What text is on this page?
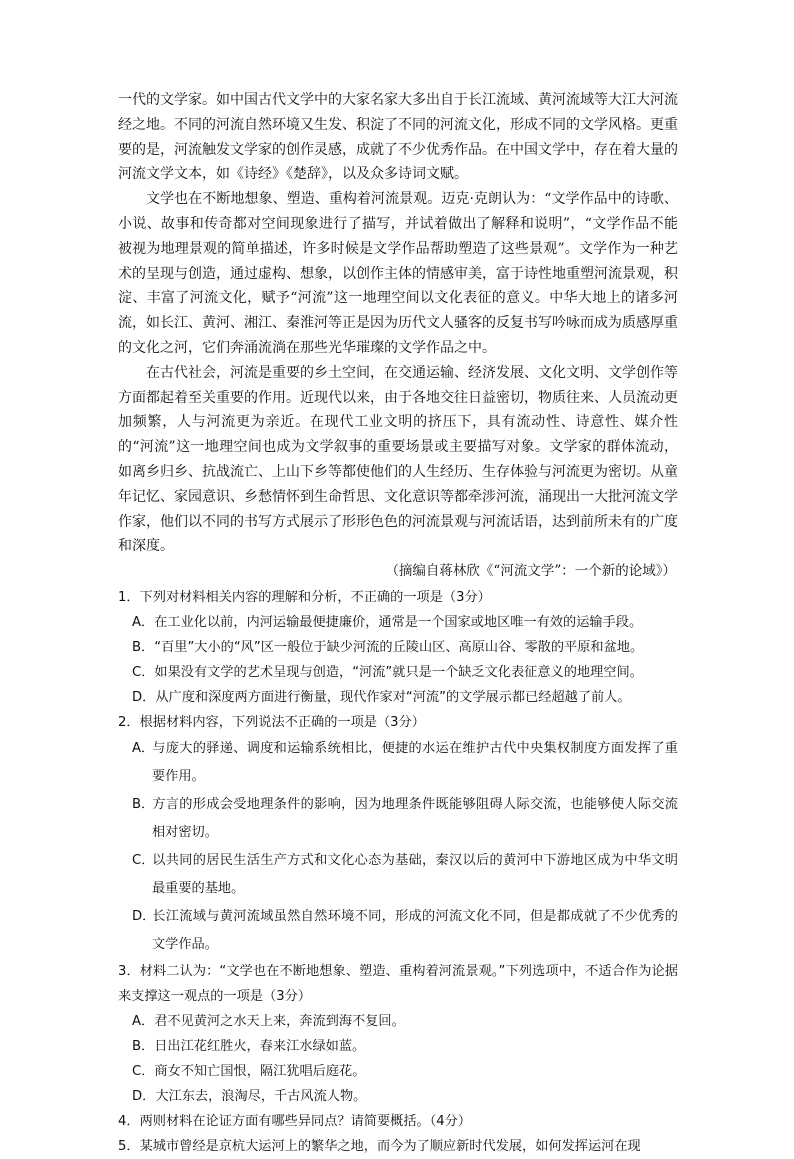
一代的文学家。如中国古代文学中的大家名家大多出自于长江流域、黄河流域等大江大河流经之地。不同的河流自然环境又生发、积淀了不同的河流文化，形成不同的文学风格。更重要的是，河流触发文学家的创作灵感，成就了不少优秀作品。在中国文学中，存在着大量的河流文学文本，如《诗经》《楚辞》，以及众多诗词文赋。

文学也在不断地想象、塑造、重构着河流景观。迈克·克朗认为：“文学作品中的诗歌、小说、故事和传奇都对空间现象进行了描写，并试着做出了解释和说明”，“文学作品不能被视为地理景观的简单描述，许多时候是文学作品帮助塑造了这些景观”。文学作为一种艺术的呈现与创造，通过虚构、想象，以创作主体的情感审美，富于诗性地重塑河流景观，积淀、丰富了河流文化，赋予“河流”这一地理空间以文化表征的意义。中华大地上的诸多河流，如长江、黄河、湘江、秦淮河等正是因为历代文人骚客的反复书写吟咏而成为质感厚重的文化之河，它们奔涌流淌在那些光华璀璨的文学作品之中。

在古代社会，河流是重要的乡土空间，在交通运输、经济发展、文化文明、文学创作等方面都起着至关重要的作用。近现代以来，由于各地交往日益密切，物质往来、人员流动更加频繁，人与河流更为亲近。在现代工业文明的挤压下，具有流动性、诗意性、媒介性的“河流”这一地理空间也成为文学叙事的重要场景或主要描写对象。文学家的群体流动，如离乡归乡、抗战流亡、上山下乡等都使他们的人生经历、生存体验与河流更为密切。从童年记忆、家园意识、乡愁情怀到生命哲思、文化意识等都牵涉河流，涌现出一大批河流文学作家，他们以不同的书写方式展示了形形色色的河流景观与河流话语，达到前所未有的广度和深度。

（摘编自蒋林欣《“河流文学”：一个新的论域》）

1．下列对材料相关内容的理解和分析，不正确的一项是（3分）

A．在工业化以前，内河运输最便捷廉价，通常是一个国家或地区唯一有效的运输手段。

B．“百里”大小的“风”区一般位于缺少河流的丘陵山区、高原山谷、零散的平原和盆地。

C．如果没有文学的艺术呈现与创造，“河流”就只是一个缺乏文化表征意义的地理空间。

D．从广度和深度两方面进行衡量，现代作家对“河流”的文学展示都已经超越了前人。

2．根据材料内容，下列说法不正确的一项是（3分）

A．与庞大的驿递、调度和运输系统相比，便捷的水运在维护古代中央集权制度方面发挥了重要作用。

B．方言的形成会受地理条件的影响，因为地理条件既能够阻碍人际交流，也能够使人际交流相对密切。

C．以共同的居民生活生产方式和文化心态为基础，秦汉以后的黄河中下游地区成为中华文明最重要的基地。

D．长江流域与黄河流域虽然自然环境不同，形成的河流文化不同，但是都成就了不少优秀的文学作品。

3．材料二认为：“文学也在不断地想象、塑造、重构着河流景观。”下列选项中，不适合作为论据来支撑这一观点的一项是（3分）

A．君不见黄河之水天上来，奔流到海不复回。

B．日出江花红胜火，春来江水绿如蓝。

C．商女不知亡国恨，隔江犹唱后庭花。

D．大江东去，浪淘尽，千古风流人物。

4．两则材料在论证方面有哪些异同点？请简要概括。（4分）

5．某城市曾经是京杭大运河上的繁华之地，而今为了顺应新时代发展，如何发挥运河在现
